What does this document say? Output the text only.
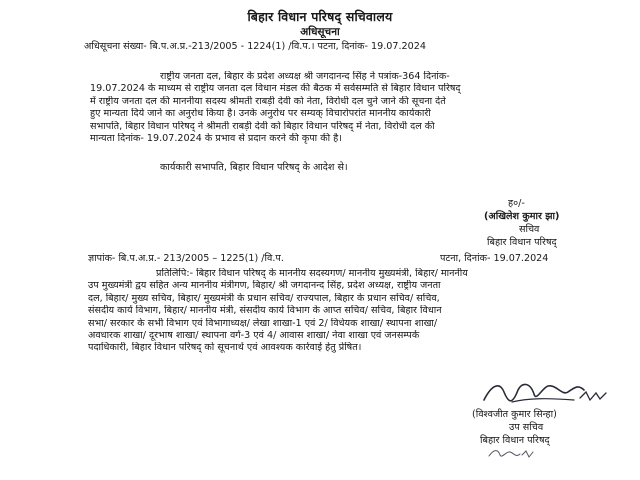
बिहार विधान परिषद् सचिवालय
अधिसूचना
अधिसूचना संख्या- बि.प.अ.प्र.-213/2005 - 1224(1) /वि.प.। पटना, दिनांक- 19.07.2024
राष्ट्रीय जनता दल, बिहार के प्रदेश अध्यक्ष श्री जगदानन्द सिंह ने पत्रांक-364 दिनांक-
19.07.2024 के माध्यम से राष्ट्रीय जनता दल विधान मंडल की बैठक में सर्वसम्मति से बिहार विधान परिषद्
में राष्ट्रीय जनता दल की माननीया सदस्य श्रीमती राबड़ी देवी को नेता, विरोधी दल चुने जाने की सूचना देते
हुए मान्यता दिये जाने का अनुरोध किया है। उनके अनुरोध पर सम्यक् विचारोपरांत माननीय कार्यकारी
सभापति, बिहार विधान परिषद् ने श्रीमती राबड़ी देवी को बिहार विधान परिषद् में नेता, विरोधी दल की
मान्यता दिनांक- 19.07.2024 के प्रभाव से प्रदान करने की कृपा की है।
कार्यकारी सभापति, बिहार विधान परिषद् के आदेश से।
ह०/-
(अखिलेश कुमार झा)
सचिव
बिहार विधान परिषद्
ज्ञापांक- बि.प.अ.प्र.- 213/2005 – 1225(1) /वि.प.	पटना, दिनांक- 19.07.2024
प्रतिलिपि:- बिहार विधान परिषद् के माननीय सदस्यगण/ माननीय मुख्यमंत्री, बिहार/ माननीय
उप मुख्यमंत्री द्वय सहित अन्य माननीय मंत्रीगण, बिहार/ श्री जगदानन्द सिंह, प्रदेश अध्यक्ष, राष्ट्रीय जनता
दल, बिहार/ मुख्य सचिव, बिहार/ मुख्यमंत्री के प्रधान सचिव/ राज्यपाल, बिहार के प्रधान सचिव/ सचिव,
संसदीय कार्य विभाग, बिहार/ माननीय मंत्री, संसदीय कार्य विभाग के आप्त सचिव/ सचिव, बिहार विधान
सभा/ सरकार के सभी विभाग एवं विभागाध्यक्ष/ लेखा शाखा-1 एवं 2/ विधेयक शाखा/ स्थापना शाखा/
अवधारक शाखा/ दूरभाष शाखा/ स्थापना वर्ग-3 एवं 4/ आवास शाखा/ नेवा शाखा एवं जनसम्पर्क
पदाधिकारी, बिहार विधान परिषद् को सूचनार्थ एवं आवश्यक कार्रवाई हेतु प्रेषित।
(विश्वजीत कुमार सिन्हा)
उप सचिव
बिहार विधान परिषद्
